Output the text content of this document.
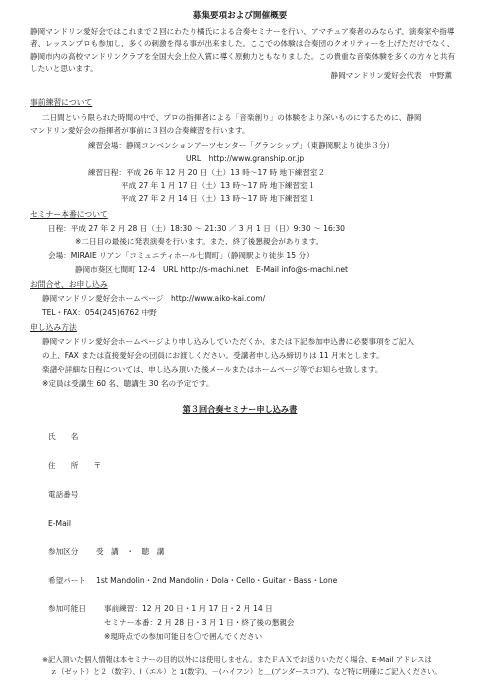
募集要項および開催概要
静岡マンドリン愛好会ではこれまで２回にわたり橘氏による合奏セミナーを行い、アマチュア奏者のみならず、演奏家や指導者、レッスンプロも参加し、多くの刺激を得る事が出来ました。ここでの体験は合奏団のクオリティーを上げただけでなく、静岡市内の高校マンドリンクラブを全国大会上位入賞に導く原動力ともなりました。この貴重な音楽体験を多くの方々と共有したいと思います。
静岡マンドリン愛好会代表　中野薫
事前練習について
二日間という限られた時間の中で、プロの指揮者による「音楽創り」の体験をより深いものにするために、静岡
マンドリン愛好会の指揮者が事前に３回の合奏練習を行います。
練習会場：静岡コンベンションアーツセンター「グランシップ」（東静岡駅より徒歩３分）
URL　http://www.granship.or.jp
練習日程：平成 26 年 12 月 20 日（土）13 時〜17 時 地下練習室２
平成 27 年 1 月 17 日（土）13 時〜17 時 地下練習室１
平成 27 年 2 月 14 日（土）13 時〜17 時 地下練習室１
セミナー本番について
日程：平成 27 年 2 月 28 日（土）18:30 〜 21:30 ／ 3 月 1 日（日）9:30 〜 16:30
※二日目の最後に発表演奏を行います。また、終了後懇親会があります。
会場：MIRAIE リアン「コミュニティホール七間町」（静岡駅より徒歩 15 分）
静岡市葵区七間町 12-4　URL http://s-machi.net　E-Mail info@s-machi.net
お問合せ、お申し込み
静岡マンドリン愛好会ホームページ　http://www.aiko-kai.com/
TEL・FAX：054(245)6762 中野
申し込み方法
静岡マンドリン愛好会ホームページより申し込みしていただくか、または下記参加申込書に必要事項をご記入
の上、FAX または直接愛好会の団員にお渡しください。受講者申し込み締切りは 11 月末とします。
楽譜や詳細な日程については、申し込み頂いた後メールまたはホームページ等でお知らせ致します。
※定員は受講生 60 名、聴講生 30 名の予定です。
第３回合奏セミナー申し込み書
氏　　名
住　　所　　〒
電話番号
E-Mail
参加区分 受　講　・　聴　講
希望パート 1st Mandolin・2nd Mandolin・Dola・Cello・Guitar・Bass・Lone
参加可能日 事前練習：12 月 20 日・1 月 17 日・2 月 14 日
セミナー本番：2 月 28 日・3 月 1 日・終了後の懇親会
※現時点での参加可能日を〇で囲んでください
※記入頂いた個人情報は本セミナーの目的以外には使用しません。またＦＡＸでお送りいただく場合、E-Mail アドレスは
ｚ（ゼット）と２（数字）、l（エル）と 1(数字)、－(ハイフン）と＿(アンダースコア)、など特に明確にご記入ください。
